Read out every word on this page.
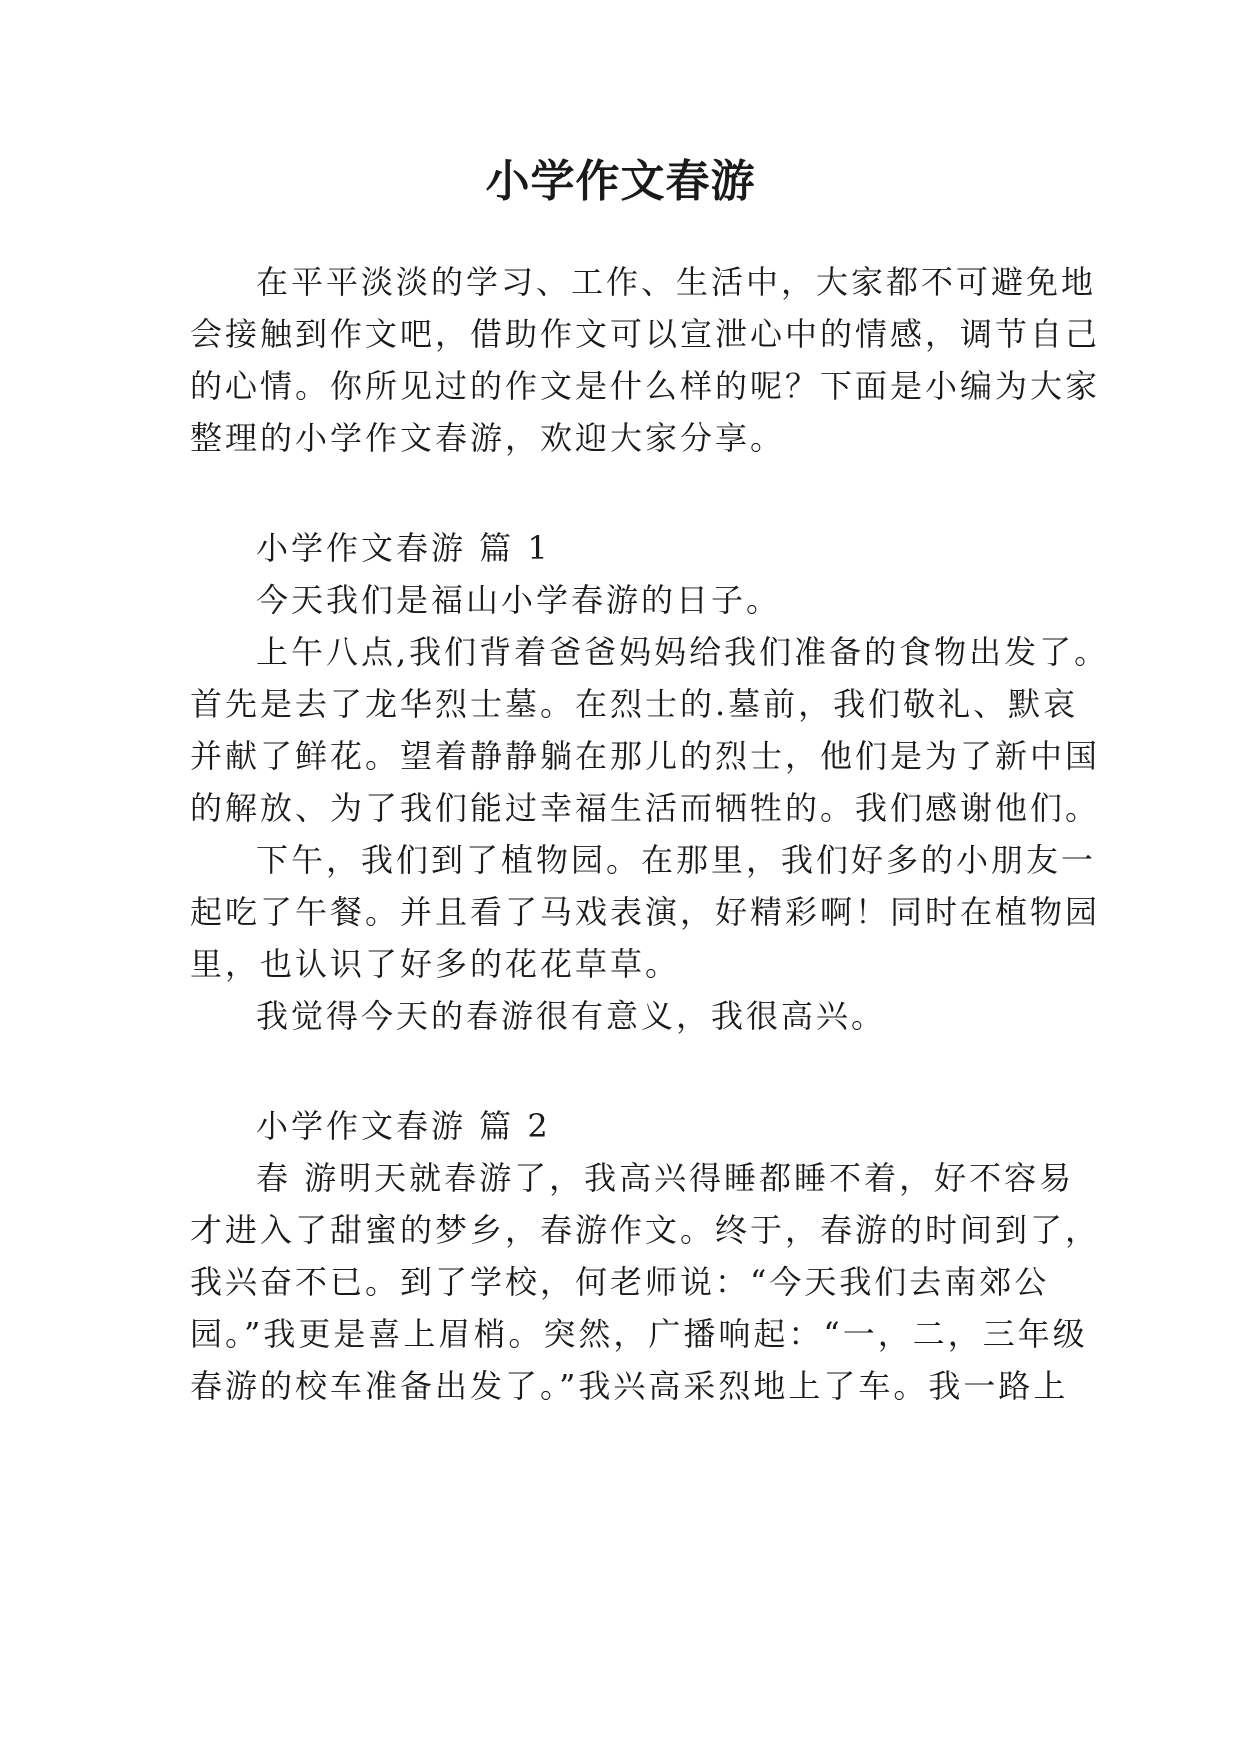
小学作文春游

在平平淡淡的学习、工作、生活中，大家都不可避免地

会接触到作文吧，借助作文可以宣泄心中的情感，调节自己

的心情。你所见过的作文是什么样的呢？下面是小编为大家

整理的小学作文春游，欢迎大家分享。

小学作文春游 篇 1

今天我们是福山小学春游的日子。

上午八点,我们背着爸爸妈妈给我们准备的食物出发了。

首先是去了龙华烈士墓。在烈士的.墓前，我们敬礼、默哀

并献了鲜花。望着静静躺在那儿的烈士，他们是为了新中国

的解放、为了我们能过幸福生活而牺牲的。我们感谢他们。

下午，我们到了植物园。在那里，我们好多的小朋友一

起吃了午餐。并且看了马戏表演，好精彩啊！同时在植物园

里，也认识了好多的花花草草。

我觉得今天的春游很有意义，我很高兴。

小学作文春游 篇 2

春 游明天就春游了，我高兴得睡都睡不着，好不容易

才进入了甜蜜的梦乡，春游作文。终于，春游的时间到了，

我兴奋不已。到了学校，何老师说：“今天我们去南郊公

园。”我更是喜上眉梢。突然，广播响起：“一，二，三年级

春游的校车准备出发了。”我兴高采烈地上了车。我一路上
